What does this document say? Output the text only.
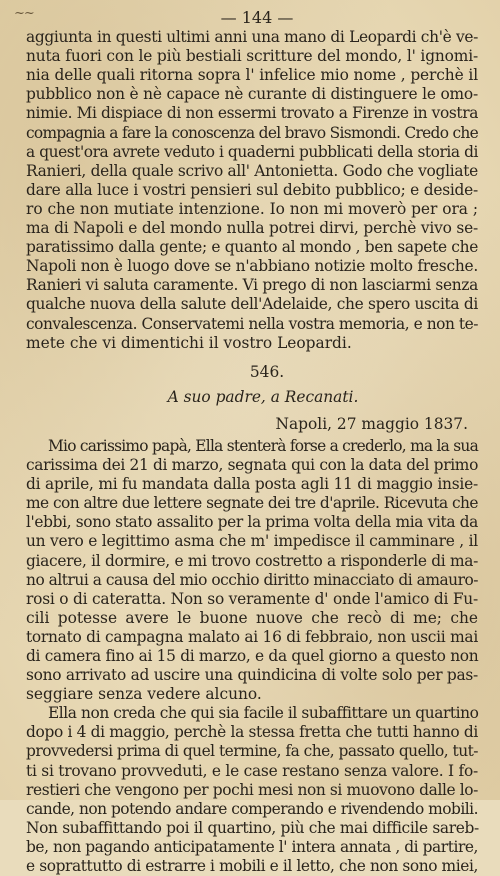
~~	— 144 —
aggiunta in questi ultimi anni una mano di Leopardi ch'è ve-
nuta fuori con le più bestiali scritture del mondo, l' ignomi-
nia delle quali ritorna sopra l' infelice mio nome , perchè il
pubblico non è nè capace nè curante di distinguere le omo-
nimie. Mi dispiace di non essermi trovato a Firenze in vostra
compagnia a fare la conoscenza del bravo Sismondi. Credo che
a quest'ora avrete veduto i quaderni pubblicati della storia di
Ranieri, della quale scrivo all' Antonietta. Godo che vogliate
dare alla luce i vostri pensieri sul debito pubblico; e deside-
ro che non mutiate intenzione. Io non mi moverò per ora ;
ma di Napoli e del mondo nulla potrei dirvi, perchè vivo se-
paratissimo dalla gente; e quanto al mondo , ben sapete che
Napoli non è luogo dove se n'abbiano notizie molto fresche.
Ranieri vi saluta caramente. Vi prego di non lasciarmi senza
qualche nuova della salute dell'Adelaide, che spero uscita di
convalescenza. Conservatemi nella vostra memoria, e non te-
mete che vi dimentichi il vostro Leopardi.
546.
A suo padre, a Recanati.
Napoli, 27 maggio 1837.
Mio carissimo papà, Ella stenterà forse a crederlo, ma la sua
carissima dei 21 di marzo, segnata qui con la data del primo
di aprile, mi fu mandata dalla posta agli 11 di maggio insie-
me con altre due lettere segnate dei tre d'aprile. Ricevuta che
l'ebbi, sono stato assalito per la prima volta della mia vita da
un vero e legittimo asma che m' impedisce il camminare , il
giacere, il dormire, e mi trovo costretto a risponderle di ma-
no altrui a causa del mio occhio diritto minacciato di amauro-
rosi o di cateratta. Non so veramente d' onde l'amico di Fu-
cili potesse avere le buone nuove che recò di me; che
tornato di campagna malato ai 16 di febbraio, non uscii mai
di camera fino ai 15 di marzo, e da quel giorno a questo non
sono arrivato ad uscire una quindicina di volte solo per pas-
seggiare senza vedere alcuno.
Ella non creda che qui sia facile il subaffittare un quartino
dopo i 4 di maggio, perchè la stessa fretta che tutti hanno di
provvedersi prima di quel termine, fa che, passato quello, tut-
ti si trovano provveduti, e le case restano senza valore. I fo-
restieri che vengono per pochi mesi non si muovono dalle lo-
cande, non potendo andare comperando e rivendendo mobili.
Non subaffittando poi il quartino, più che mai difficile sareb-
be, non pagando anticipatamente l' intera annata , di partire,
e soprattutto di estrarre i mobili e il letto, che non sono miei,
